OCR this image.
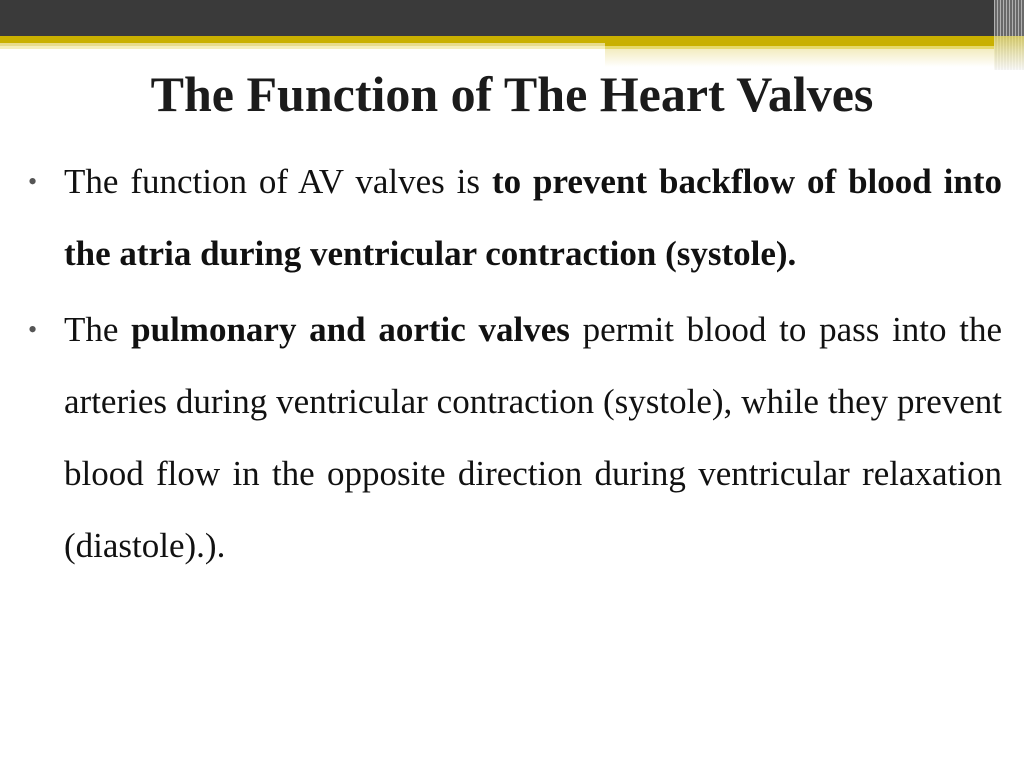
The Function of The Heart Valves
• The function of AV valves is to prevent backflow of blood into the atria during ventricular contraction (systole).
• The pulmonary and aortic valves permit blood to pass into the arteries during ventricular contraction (systole), while they prevent blood flow in the opposite direction during ventricular relaxation (diastole).).
